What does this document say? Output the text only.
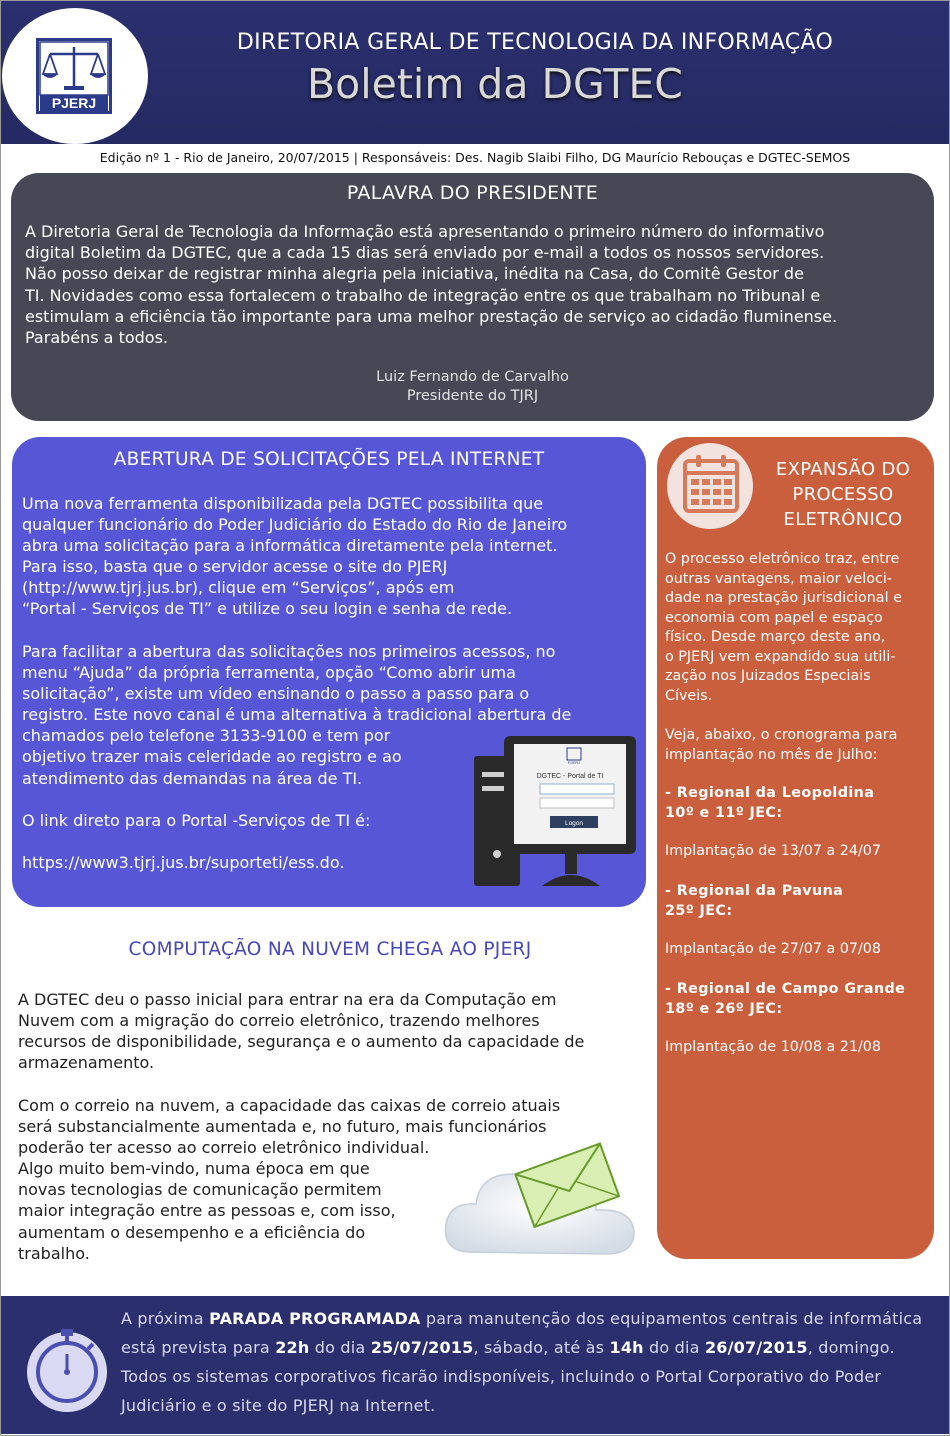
PJERJ
DIRETORIA GERAL DE TECNOLOGIA DA INFORMAÇÃO
Boletim da DGTEC
Edição nº 1 - Rio de Janeiro, 20/07/2015 | Responsáveis: Des. Nagib Slaibi Filho, DG Maurício Rebouças e DGTEC-SEMOS
PALAVRA DO PRESIDENTE

A Diretoria Geral de Tecnologia da Informação está apresentando o primeiro número do informativo
digital Boletim da DGTEC, que a cada 15 dias será enviado por e-mail a todos os nossos servidores.
Não posso deixar de registrar minha alegria pela iniciativa, inédita na Casa, do Comitê Gestor de
TI. Novidades como essa fortalecem o trabalho de integração entre os que trabalham no Tribunal e
estimulam a eficiência tão importante para uma melhor prestação de serviço ao cidadão fluminense.
Parabéns a todos.

Luiz Fernando de Carvalho
Presidente do TJRJ
ABERTURA DE SOLICITAÇÕES PELA INTERNET

Uma nova ferramenta disponibilizada pela DGTEC possibilita que
qualquer funcionário do Poder Judiciário do Estado do Rio de Janeiro
abra uma solicitação para a informática diretamente pela internet.
Para isso, basta que o servidor acesse o site do PJERJ
(http://www.tjrj.jus.br), clique em “Serviços”, após em
“Portal - Serviços de TI” e utilize o seu login e senha de rede.

Para facilitar a abertura das solicitações nos primeiros acessos, no
menu “Ajuda” da própria ferramenta, opção “Como abrir uma
solicitação”, existe um vídeo ensinando o passo a passo para o
registro. Este novo canal é uma alternativa à tradicional abertura de
chamados pelo telefone 3133-9100 e tem por
objetivo trazer mais celeridade ao registro e ao
atendimento das demandas na área de TI.

O link direto para o Portal -Serviços de TI é:

https://www3.tjrj.jus.br/suporteti/ess.do.

PJERJ
DGTEC - Portal de TI
Logon
EXPANSÃO DO
PROCESSO
ELETRÔNICO

O processo eletrônico traz, entre
outras vantagens, maior veloci-
dade na prestação jurisdicional e
economia com papel e espaço
físico. Desde março deste ano,
o PJERJ vem expandido sua utili-
zação nos Juizados Especiais
Cíveis.

Veja, abaixo, o cronograma para
implantação no mês de Julho:

- Regional da Leopoldina
10º e 11º JEC:

Implantação de 13/07 a 24/07

- Regional da Pavuna
25º JEC:

Implantação de 27/07 a 07/08

- Regional de Campo Grande
18º e 26º JEC:

Implantação de 10/08 a 21/08

COMPUTAÇÃO NA NUVEM CHEGA AO PJERJ

A DGTEC deu o passo inicial para entrar na era da Computação em
Nuvem com a migração do correio eletrônico, trazendo melhores
recursos de disponibilidade, segurança e o aumento da capacidade de
armazenamento.

Com o correio na nuvem, a capacidade das caixas de correio atuais
será substancialmente aumentada e, no futuro, mais funcionários
poderão ter acesso ao correio eletrônico individual.
Algo muito bem-vindo, numa época em que
novas tecnologias de comunicação permitem
maior integração entre as pessoas e, com isso,
aumentam o desempenho e a eficiência do
trabalho.

A próxima PARADA PROGRAMADA para manutenção dos equipamentos centrais de informática está prevista para 22h do dia 25/07/2015, sábado, até às 14h do dia 26/07/2015, domingo. Todos os sistemas corporativos ficarão indisponíveis, incluindo o Portal Corporativo do Poder Judiciário e o site do PJERJ na Internet.
